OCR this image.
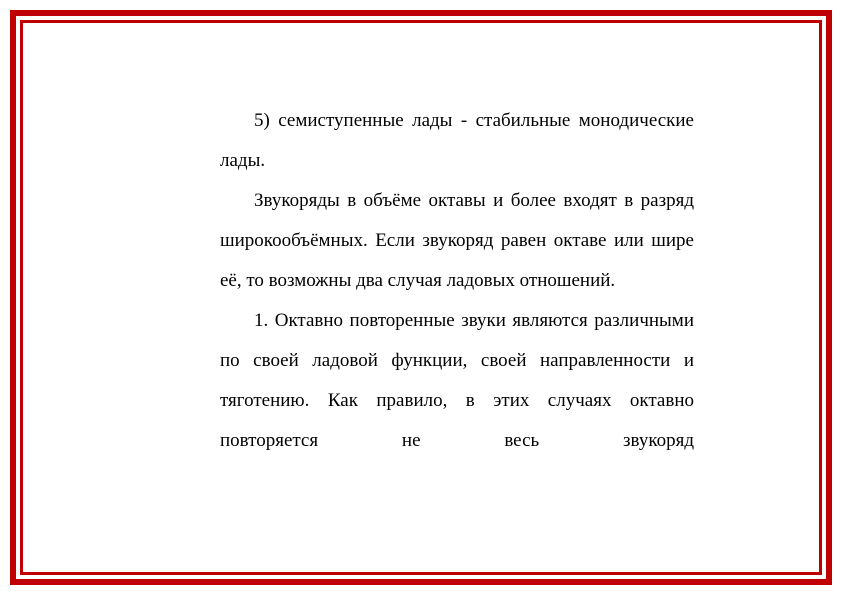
5) семиступенные лады - стабильные монодические лады.

Звукоряды в объёме октавы и более входят в разряд широкообъёмных. Если звукоряд равен октаве или шире её, то возможны два случая ладовых отношений.

1. Октавно повторенные звуки являются различными по своей ладовой функции, своей направленности и тяготению. Как правило, в этих случаях октавно повторяется не весь звукоряд
